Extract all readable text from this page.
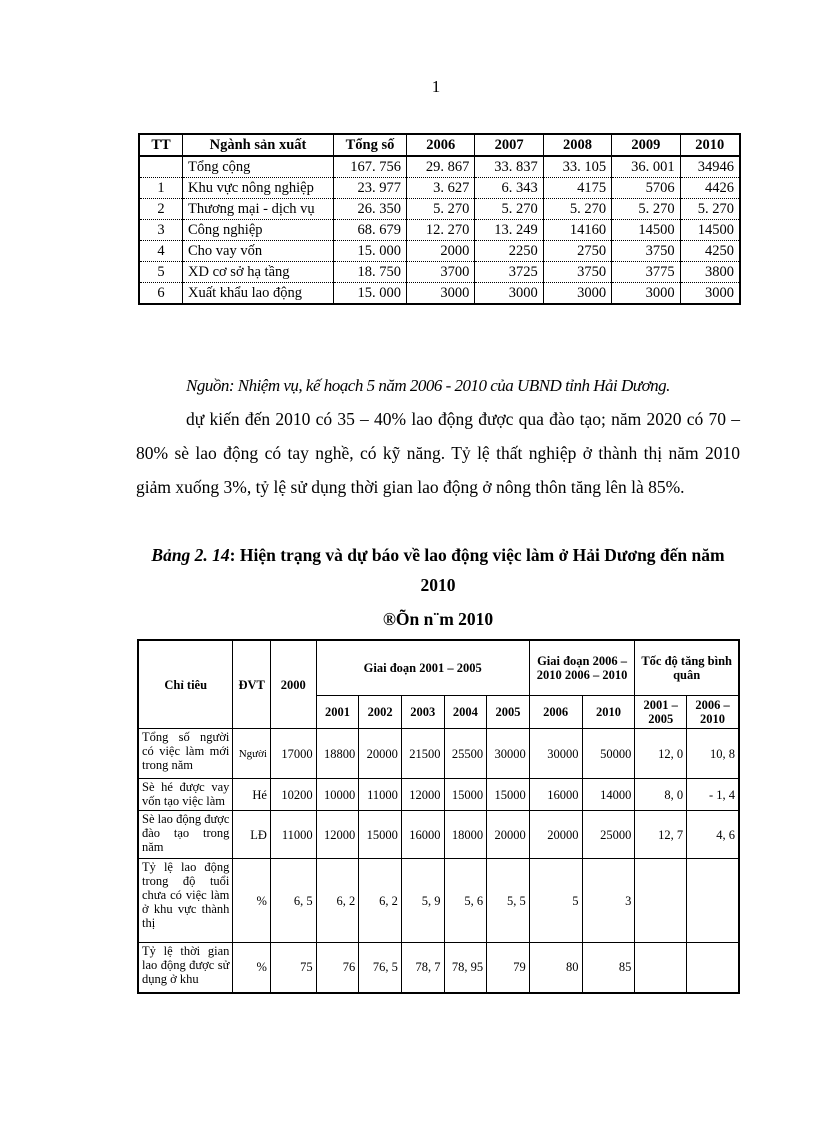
1
TT	Ngành sản xuất	Tổng số	2006	2007	2008	2009	2010
	Tổng cộng	167. 756	29. 867	33. 837	33. 105	36. 001	34946
1	Khu vực nông nghiệp	23. 977	3. 627	6. 343	4175	5706	4426
2	Thương mại - dịch vụ	26. 350	5. 270	5. 270	5. 270	5. 270	5. 270
3	Công nghiệp	68. 679	12. 270	13. 249	14160	14500	14500
4	Cho vay vốn	15. 000	2000	2250	2750	3750	4250
5	XD cơ sở hạ tầng	18. 750	3700	3725	3750	3775	3800
6	Xuất khẩu lao động	15. 000	3000	3000	3000	3000	3000
Nguồn: Nhiệm vụ, kế hoạch 5 năm 2006 - 2010 của UBND tỉnh Hải Dương.
dự kiến đến 2010 có 35 – 40% lao động được qua đào tạo; năm 2020 có 70 – 80% sè lao động có tay nghề, có kỹ năng. Tỷ lệ thất nghiệp ở thành thị năm 2010 giảm xuống 3%, tỷ lệ sử dụng thời gian lao động ở nông thôn tăng lên là 85%.
Bảng 2. 14: Hiện trạng và dự báo về lao động việc làm ở Hải Dương đến năm 2010
®Õn n¨m 2010
Chỉ tiêu	ĐVT	2000	Giai đoạn 2001 – 2005					Giai đoạn 2006 – 2010 2006 – 2010		Tốc độ tăng bình quân	
			2001	2002	2003	2004	2005	2006	2010	2001 – 2005	2006 – 2010
Tổng số người có việc làm mới trong năm	Người	17000	18800	20000	21500	25500	30000	30000	50000	12, 0	10, 8
Sè hé được vay vốn tạo việc làm	Hé	10200	10000	11000	12000	15000	15000	16000	14000	8, 0	- 1, 4
Sè lao động được đào tạo trong năm	LĐ	11000	12000	15000	16000	18000	20000	20000	25000	12, 7	4, 6
Tỷ lệ lao động trong độ tuổi chưa có việc làm ở khu vực thành thị	%	6, 5	6, 2	6, 2	5, 9	5, 6	5, 5	5	3		
Tỷ lệ thời gian lao động được sử dụng ở khu	%	75	76	76, 5	78, 7	78, 95	79	80	85		
